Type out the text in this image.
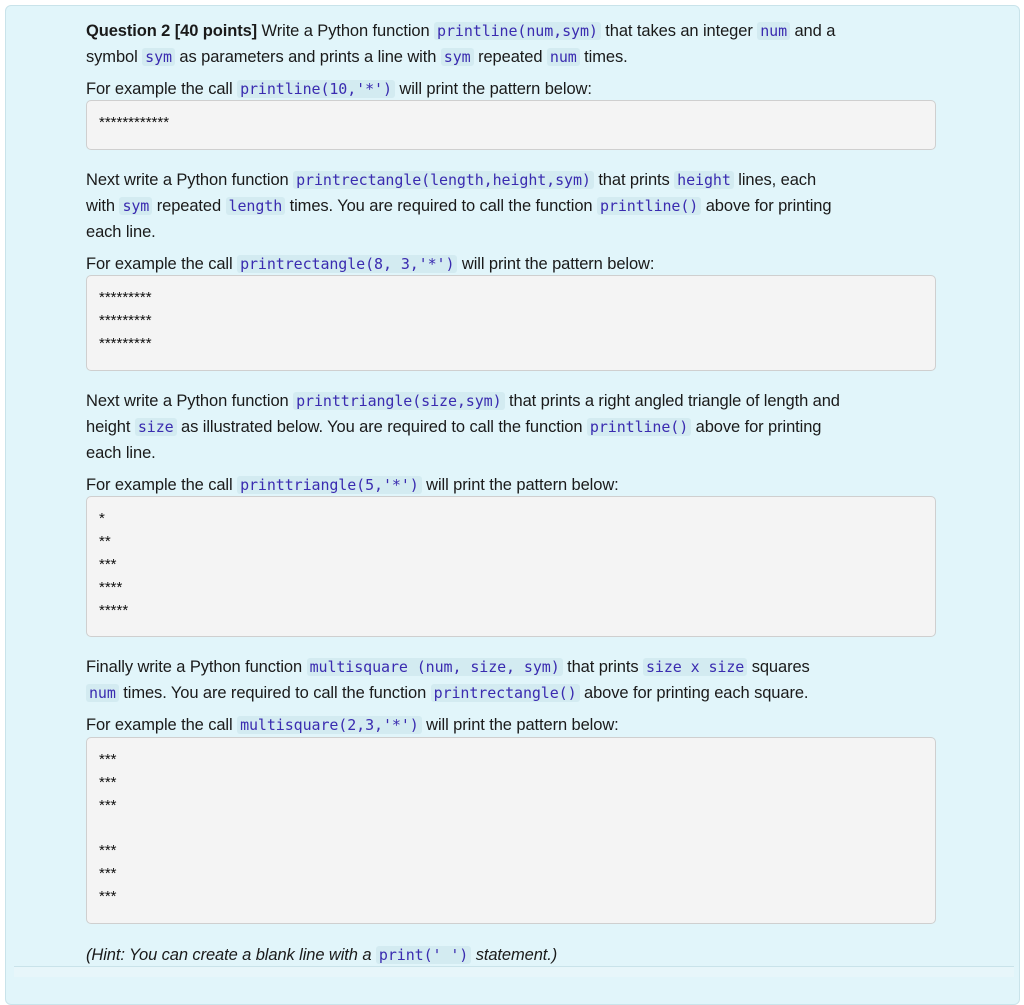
Question 2 [40 points] Write a Python function printline(num,sym) that takes an integer num and a

symbol sym as parameters and prints a line with sym repeated num times.

For example the call printline(10,'*') will print the pattern below:

************

Next write a Python function printrectangle(length,height,sym) that prints height lines, each

with sym repeated length times. You are required to call the function printline() above for printing

each line.

For example the call printrectangle(8, 3,'*') will print the pattern below:

*********
*********
*********

Next write a Python function printtriangle(size,sym) that prints a right angled triangle of length and

height size as illustrated below. You are required to call the function printline() above for printing

each line.

For example the call printtriangle(5,'*') will print the pattern below:

*
**
***
****
*****

Finally write a Python function multisquare (num, size, sym) that prints size x size squares

num times. You are required to call the function printrectangle() above for printing each square.

For example the call multisquare(2,3,'*') will print the pattern below:

***
***
***
***
***
***

(Hint: You can create a blank line with a print(' ') statement.)
